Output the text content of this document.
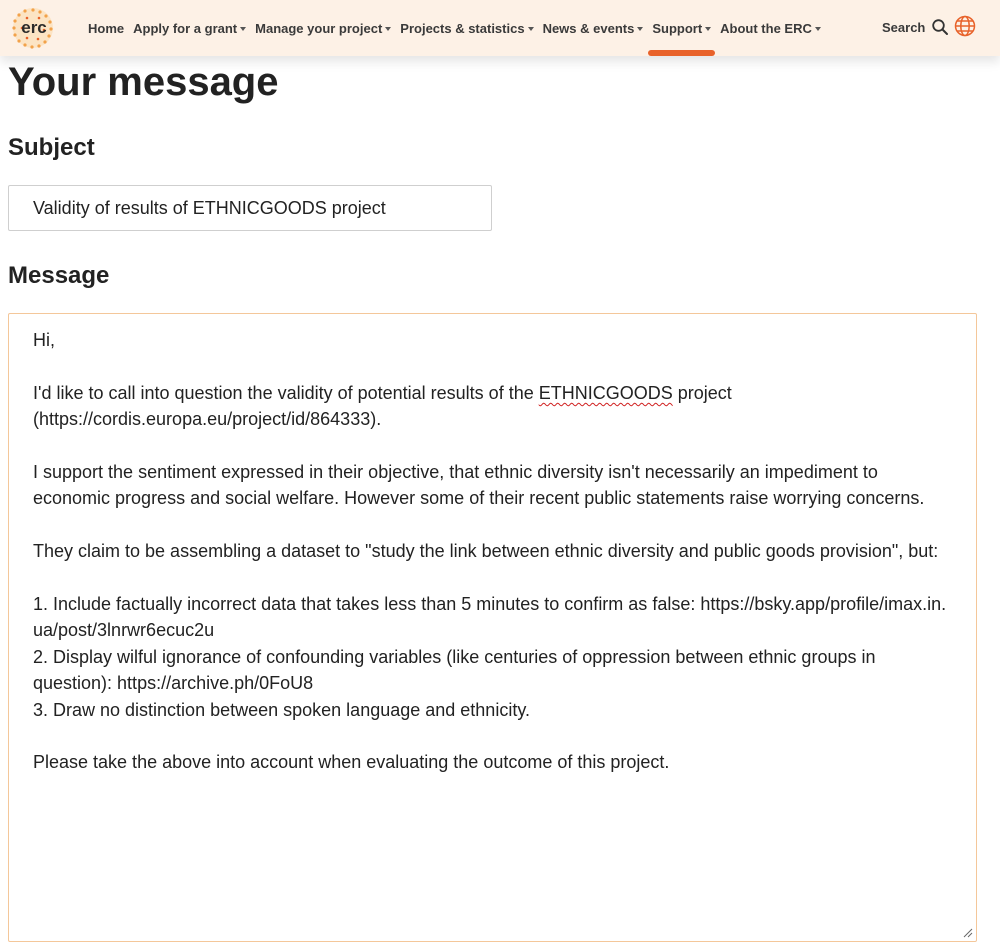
erc	Home Apply for a grant Manage your project Projects & statistics News & events Support About the ERC	Search
Your message
Subject
Validity of results of ETHNICGOODS project
Message

Hi,

I'd like to call into question the validity of potential results of the ETHNICGOODS project (https://cordis.europa.eu/project/id/864333).

I support the sentiment expressed in their objective, that ethnic diversity isn't necessarily an impediment to economic progress and social welfare. However some of their recent public statements raise worrying concerns.

They claim to be assembling a dataset to "study the link between ethnic diversity and public goods provision", but:

1. Include factually incorrect data that takes less than 5 minutes to confirm as false: https://bsky.app/profile/imax.in.ua/post/3lnrwr6ecuc2u

2. Display wilful ignorance of confounding variables (like centuries of oppression between ethnic groups in question): https://archive.ph/0FoU8

3. Draw no distinction between spoken language and ethnicity.

Please take the above into account when evaluating the outcome of this project.
